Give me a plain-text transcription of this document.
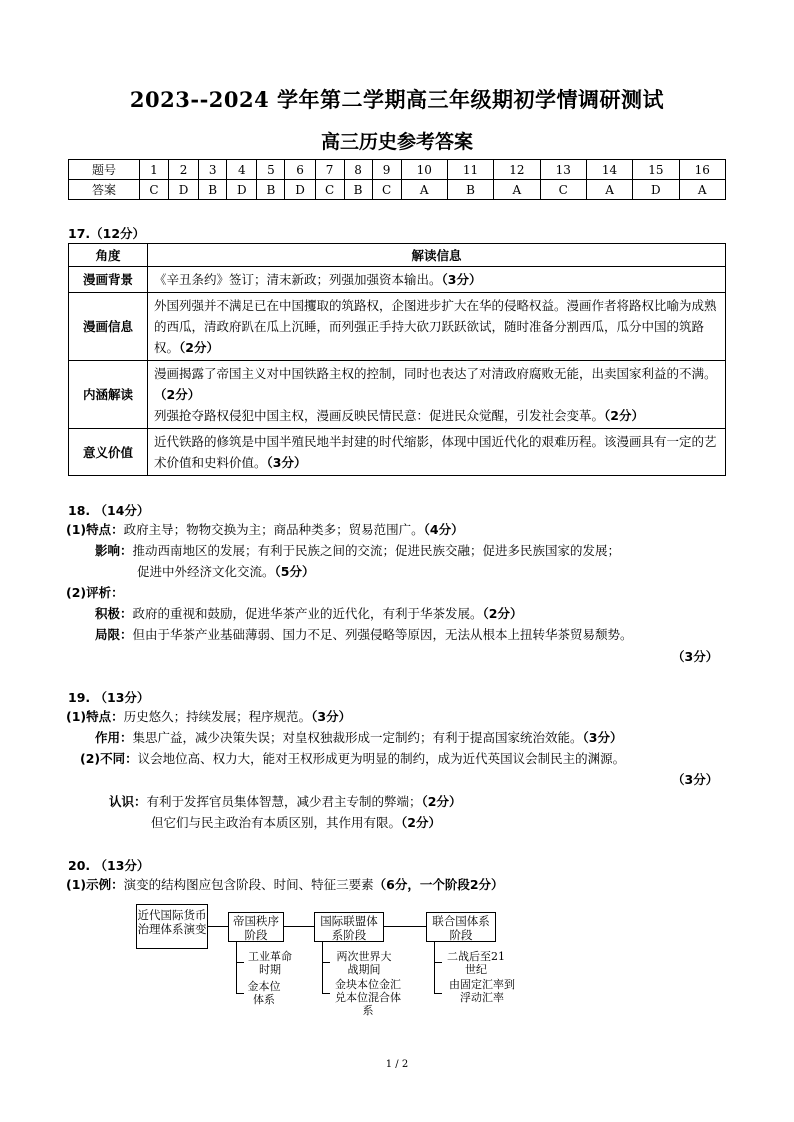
2023--2024 学年第二学期高三年级期初学情调研测试
高三历史参考答案
题号	1	2	3	4	5	6	7	8	9	10	11	12	13	14	15	16
答案	C	D	B	D	B	D	C	B	C	A	B	A	C	A	D	A
17.（12分）
角度	解读信息
漫画背景	《辛丑条约》签订；清末新政；列强加强资本输出。（3分）
漫画信息	外国列强并不满足已在中国攫取的筑路权，企图进步扩大在华的侵略权益。漫画作者将路权比喻为成熟的西瓜，清政府趴在瓜上沉睡，而列强正手持大砍刀跃跃欲试，随时准备分割西瓜，瓜分中国的筑路权。（2分）
内涵解读	漫画揭露了帝国主义对中国铁路主权的控制，同时也表达了对清政府腐败无能，出卖国家利益的不满。（2分）
列强抢夺路权侵犯中国主权，漫画反映民情民意：促进民众觉醒，引发社会变革。（2分）
意义价值	近代铁路的修筑是中国半殖民地半封建的时代缩影，体现中国近代化的艰难历程。该漫画具有一定的艺术价值和史料价值。（3分）
18. （14分）
(1)特点：政府主导；物物交换为主；商品种类多；贸易范围广。（4分）
影响：推动西南地区的发展；有利于民族之间的交流；促进民族交融；促进多民族国家的发展；
促进中外经济文化交流。（5分）
(2)评析：
积极：政府的重视和鼓励，促进华茶产业的近代化，有利于华茶发展。（2分）
局限：但由于华茶产业基础薄弱、国力不足、列强侵略等原因，无法从根本上扭转华茶贸易颓势。
（3分）
19. （13分）
(1)特点：历史悠久；持续发展；程序规范。（3分）
作用：集思广益，减少决策失误；对皇权独裁形成一定制约；有利于提高国家统治效能。（3分）
(2)不同：议会地位高、权力大，能对王权形成更为明显的制约，成为近代英国议会制民主的渊源。
（3分）
认识：有利于发挥官员集体智慧，减少君主专制的弊端；（2分）
但它们与民主政治有本质区别，其作用有限。（2分）
20. （13分）
(1)示例：演变的结构图应包含阶段、时间、特征三要素（6分，一个阶段2分）
近代国际货币治理体系演变
帝国秩序阶段
国际联盟体系阶段
联合国体系阶段
工业革命时期
金本位体系
两次世界大战期间
金块本位金汇兑本位混合体系
二战后至21世纪
由固定汇率到浮动汇率
1 / 2
